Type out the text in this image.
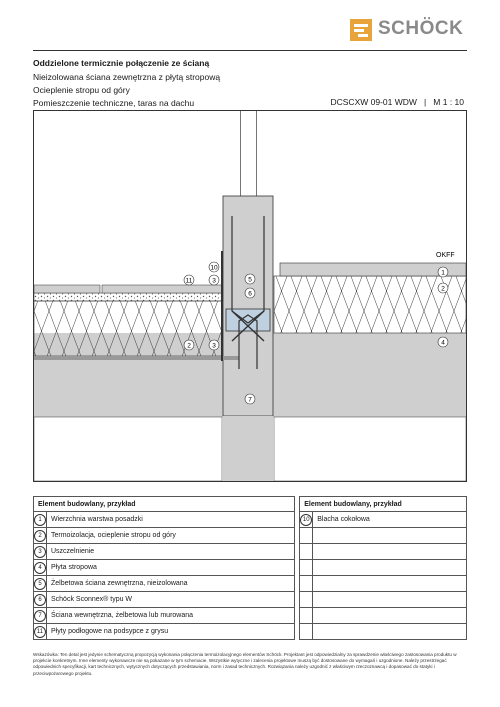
SCHÖCK
Oddzielone termicznie połączenie ze ścianą
Nieizolowana ściana zewnętrzna z płytą stropową
Ocieplenie stropu od góry
Pomieszczenie techniczne, taras na dachu	DCSCXW 09-01 WDW   |   M 1 : 10
OKFF
1
2
4
5
6
7
10
3
11
2	3
Element budowlany, przykład			Element budowlany, przykład	
1	Wierzchnia warstwa posadzki		10	Blacha cokołowa
2	Termoizolacja, ocieplenie stropu od góry			
3	Uszczelnienie			
4	Płyta stropowa			
5	Żelbetowa ściana zewnętrzna, nieizolowana			
6	Schöck Sconnex® typu W			
7	Ściana wewnętrzna, żelbetowa lub murowana			
11	Płyty podłogowe na podsypce z grysu			
Wskazówka: Ten detal jest jedynie schematyczną propozycją wykonania połączenia termoizolacyjnego elementów Schöck. Projektant jest odpowiedzialny za sprawdzenie właściwego zastosowania produktu w projekcie konkretnym. Inne elementy wykonawcze nie są pokazane w tym schemacie. Wszystkie wytyczne i zalecenia projektowe muszą być dostosowane do wymagań i uzgodnione. Należy przestrzegać odpowiednich specyfikacji, kart technicznych, wytycznych dotyczących przedstawiania, norm i zasad technicznych. Rozwiązania należy uzgodnić z właściwym rzeczoznawcą i dopasować do statyki i przeciwpożarowego projektu.
